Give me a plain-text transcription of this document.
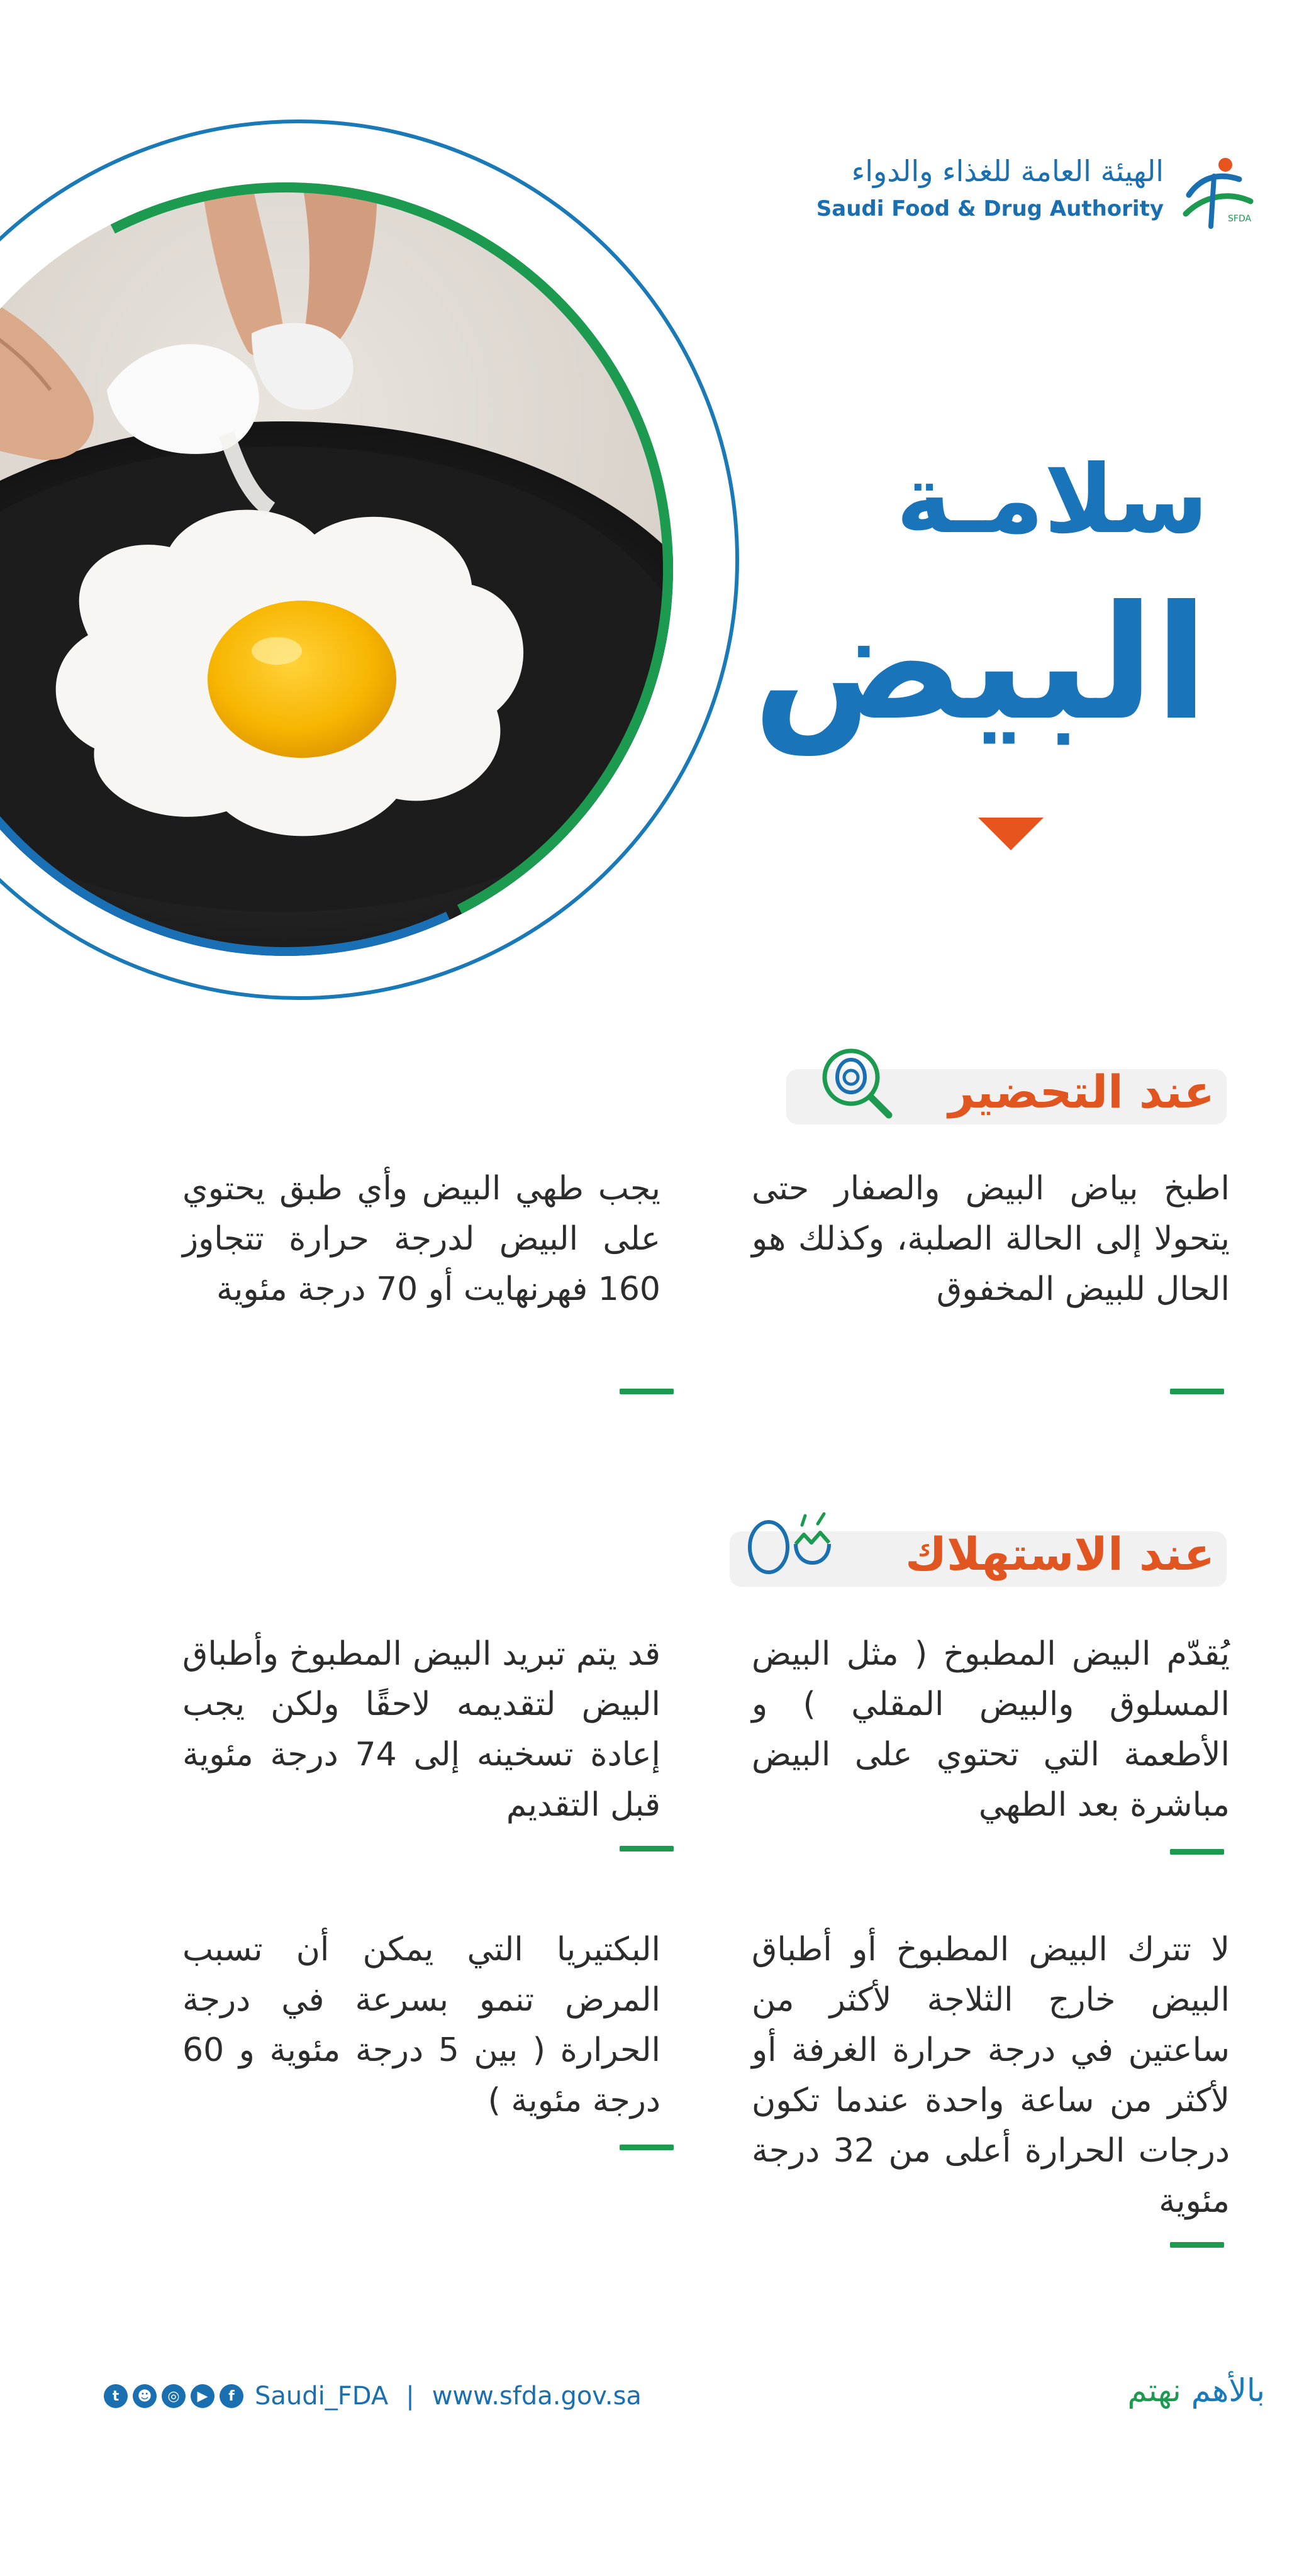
الهيئة العامة للغذاء والدواء
Saudi Food & Drug Authority	SFDA
سلامـة
البيض
عند التحضير
اطبخ بياض البيض والصفار حتى يتحولا إلى الحالة الصلبة، وكذلك هو الحال للبيض المخفوق
يجب طهي البيض وأي طبق يحتوي على البيض لدرجة حرارة تتجاوز 160 فهرنهايت أو 70 درجة مئوية
عند الاستهلاك
يُقدّم البيض المطبوخ ( مثل البيض المسلوق والبيض المقلي ) و الأطعمة التي تحتوي على البيض مباشرة بعد الطهي
قد يتم تبريد البيض المطبوخ وأطباق البيض لتقديمه لاحقًا ولكن يجب إعادة تسخينه إلى 74 درجة مئوية قبل التقديم
لا تترك البيض المطبوخ أو أطباق البيض خارج الثلاجة لأكثر من ساعتين في درجة حرارة الغرفة أو لأكثر من ساعة واحدة عندما تكون درجات الحرارة أعلى من 32 درجة مئوية
البكتيريا التي يمكن أن تسبب المرض تنمو بسرعة في درجة الحرارة ( بين 5 درجة مئوية و 60 درجة مئوية )
t	☻	◎	▶	f Saudi_FDA | www.sfda.gov.sa	بالأهم نهتم
